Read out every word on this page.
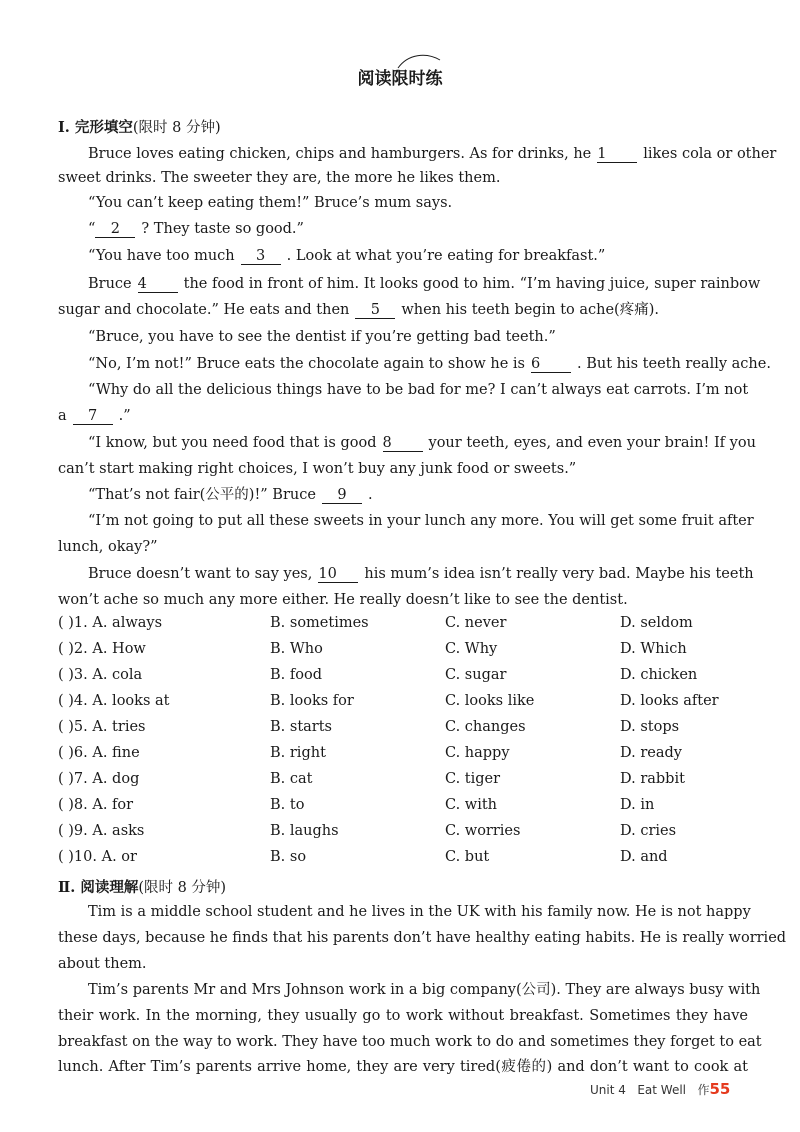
阅读限时练
Ⅰ. 完形填空(限时 8 分钟)
Bruce loves eating chicken, chips and hamburgers. As for drinks, he 1	likes cola or other
sweet drinks. The sweeter they are, the more he likes them.
“You can’t keep eating them!” Bruce’s mum says.
“ 2 ? They taste so good.”
“You have too much 3 . Look at what you’re eating for breakfast.”
Bruce 4	the food in front of him. It looks good to him. “I’m having juice, super rainbow
sugar and chocolate.” He eats and then 5 when his teeth begin to ache(疼痛).
“Bruce, you have to see the dentist if you’re getting bad teeth.”
“No, I’m not!” Bruce eats the chocolate again to show he is 6	. But his teeth really ache.
“Why do all the delicious things have to be bad for me? I can’t always eat carrots. I’m not
a 7 .”
“I know, but you need food that is good 8	your teeth, eyes, and even your brain! If you
can’t start making right choices, I won’t buy any junk food or sweets.”
“That’s not fair(公平的)!” Bruce 9 .
“I’m not going to put all these sweets in your lunch any more. You will get some fruit after
lunch, okay?”
Bruce doesn’t want to say yes, 10 his mum’s idea isn’t really very bad. Maybe his teeth
won’t ache so much any more either. He really doesn’t like to see the dentist.
( )1. A. always	B. sometimes	C. never	D. seldom
( )2. A. How	B. Who	C. Why	D. Which
( )3. A. cola	B. food	C. sugar	D. chicken
( )4. A. looks at	B. looks for	C. looks like	D. looks after
( )5. A. tries	B. starts	C. changes	D. stops
( )6. A. fine	B. right	C. happy	D. ready
( )7. A. dog	B. cat	C. tiger	D. rabbit
( )8. A. for	B. to	C. with	D. in
( )9. A. asks	B. laughs	C. worries	D. cries
( )10. A. or	B. so	C. but	D. and
Ⅱ. 阅读理解(限时 8 分钟)
Tim is a middle school student and he lives in the UK with his family now. He is not happy
these days, because he finds that his parents don’t have healthy eating habits. He is really worried
about them.
Tim’s parents Mr and Mrs Johnson work in a big company(公司). They are always busy with
their work. In the morning, they usually go to work without breakfast. Sometimes they have
breakfast on the way to work. They have too much work to do and sometimes they forget to eat
lunch. After Tim’s parents arrive home, they are very tired(疲倦的) and don’t want to cook at
Unit 4 Eat Well 作55
